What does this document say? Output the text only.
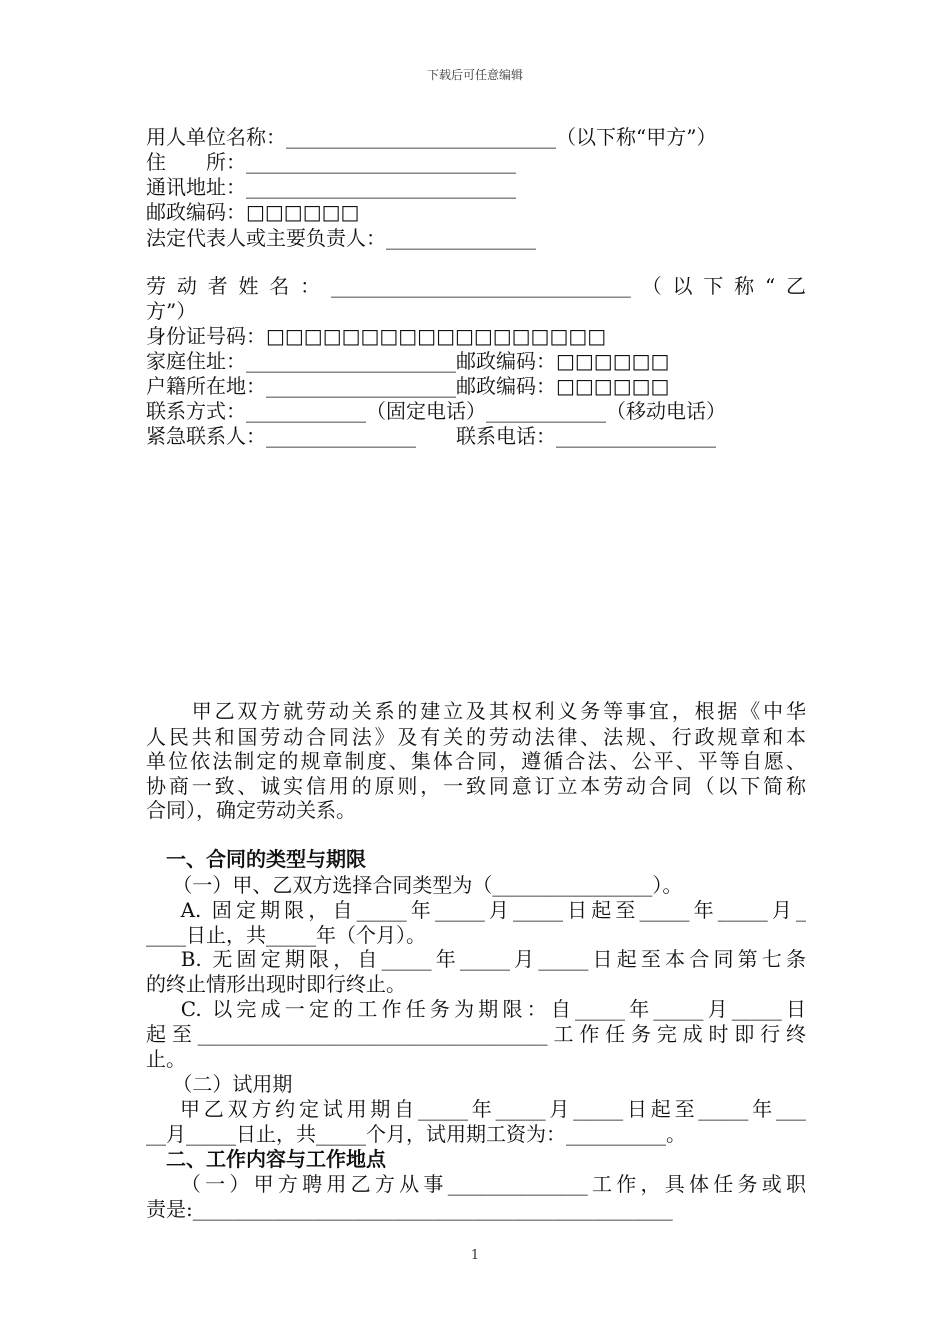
下载后可任意编辑
用人单位名称：___________________________（以下称“甲方”）
住　　所：___________________________
通讯地址：___________________________
邮政编码：□□□□□□
法定代表人或主要负责人：_______________
劳动者姓名：______________________________（以下称“乙
方”）
身份证号码：□□□□□□□□□□□□□□□□□□
家庭住址：_____________________邮政编码：□□□□□□
户籍所在地：___________________邮政编码：□□□□□□
联系方式：____________（固定电话）____________（移动电话）
紧急联系人：_______________　　联系电话：________________
　　甲乙双方就劳动关系的建立及其权利义务等事宜，根据《中华
人民共和国劳动合同法》及有关的劳动法律、法规、行政规章和本
单位依法制定的规章制度、集体合同，遵循合法、公平、平等自愿、
协商一致、诚实信用的原则，一致同意订立本劳动合同（以下简称
合同），确定劳动关系。
　一、合同的类型与期限
　 （一）甲、乙双方选择合同类型为（________________）。
　 A. 固定期限，自_____年_____月_____日起至_____年_____月_
____日止，共_____年（个月）。
　 B. 无固定期限，自_____年_____月_____日起至本合同第七条
的终止情形出现时即行终止。
　 C. 以完成一定的工作任务为期限：自_____年_____月_____日
起至___________________________________工作任务完成时即行终
止。
　 （二）试用期
　 甲乙双方约定试用期自_____年_____月_____日起至_____年___
__月_____日止，共_____个月，试用期工资为：__________。
　二、工作内容与工作地点
　 （一）甲方聘用乙方从事______________工作，具体任务或职
责是:________________________________________________
1
